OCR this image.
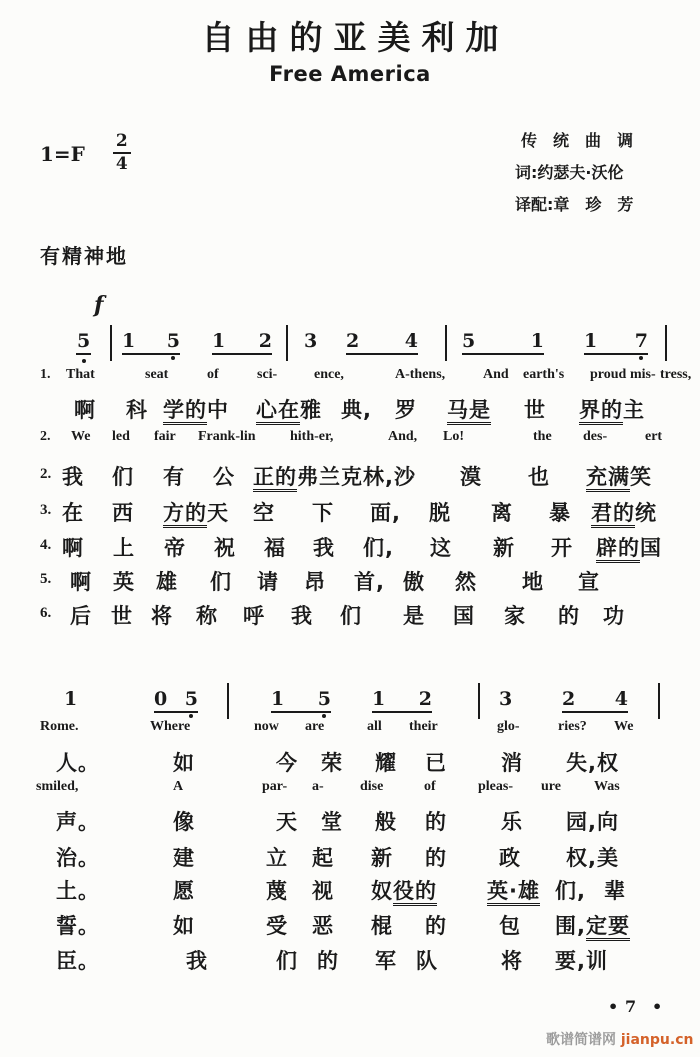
自由的亚美利加
Free America
$1=F \frac{2}{4}$	传　统　曲　调
词:约瑟夫·沃伦
译配:章　珍　芳
有精神地
f
5 1 5 1 2 3 2 4 5	1 1 7
1	0 5	1 5 1 2	3	2 4
1. That	seat	of	sci-	ence,	A-thens,	And earth's proud mis- tress,
啊 科 学的中 心在雅 典, 罗 马是 世 界的主
2. We led fair Frank-lin hith-er,	And, Lo!	the des-	ert
2. 我 们 有 公 正的弗兰克林,沙 漠 也 充满笑
3. 在 西 方的天 空 下 面, 脱 离 暴 君的统
4. 啊 上 帝 祝 福 我 们, 这 新 开 辟的国
5. 啊 英 雄 们 请 昂 首, 傲 然 地 宣
6. 后 世 将 称 呼 我 们 是 国 家 的 功
Rome.	Where	now are	all their	glo-	ries? We
人。	如	今 荣 耀 已	消 失,权
smiled,	A	par- a-	dise	of	pleas- ure Was
声。	像	天 堂 般 的	乐 园,向
治。	建	立 起 新 的 政 权,美
土。	愿	蔑 视 奴役的 英·雄 们, 辈
誓。	如	受 恶 棍 的 包 围,定要
臣。	我	们 的 军 队	将 要,训
• 7 •
歌谱简谱网 jianpu.cn
